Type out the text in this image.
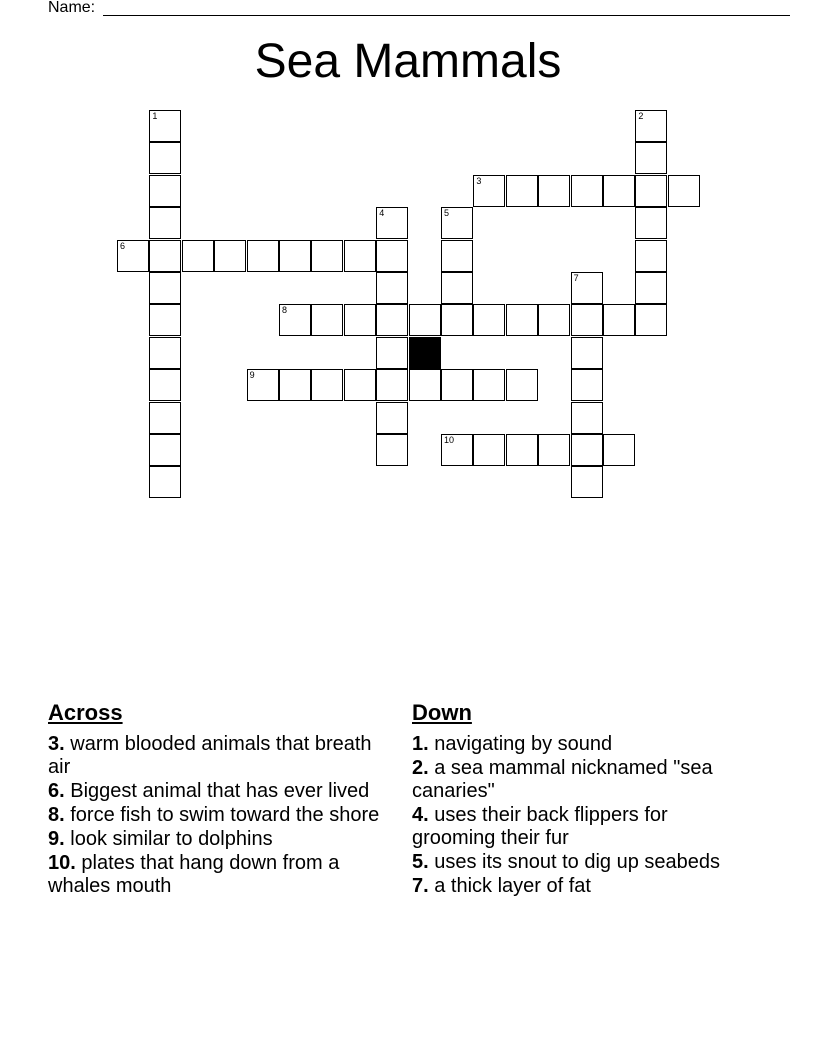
Name:
Sea Mammals
1	2
3
4	5
6
7
8
9
10
Across
3. warm blooded animals that breath air
6. Biggest animal that has ever lived
8. force fish to swim toward the shore
9. look similar to dolphins
10. plates that hang down from a whales mouth
Down
1. navigating by sound
2. a sea mammal nicknamed "sea canaries"
4. uses their back flippers for grooming their fur
5. uses its snout to dig up seabeds
7. a thick layer of fat
